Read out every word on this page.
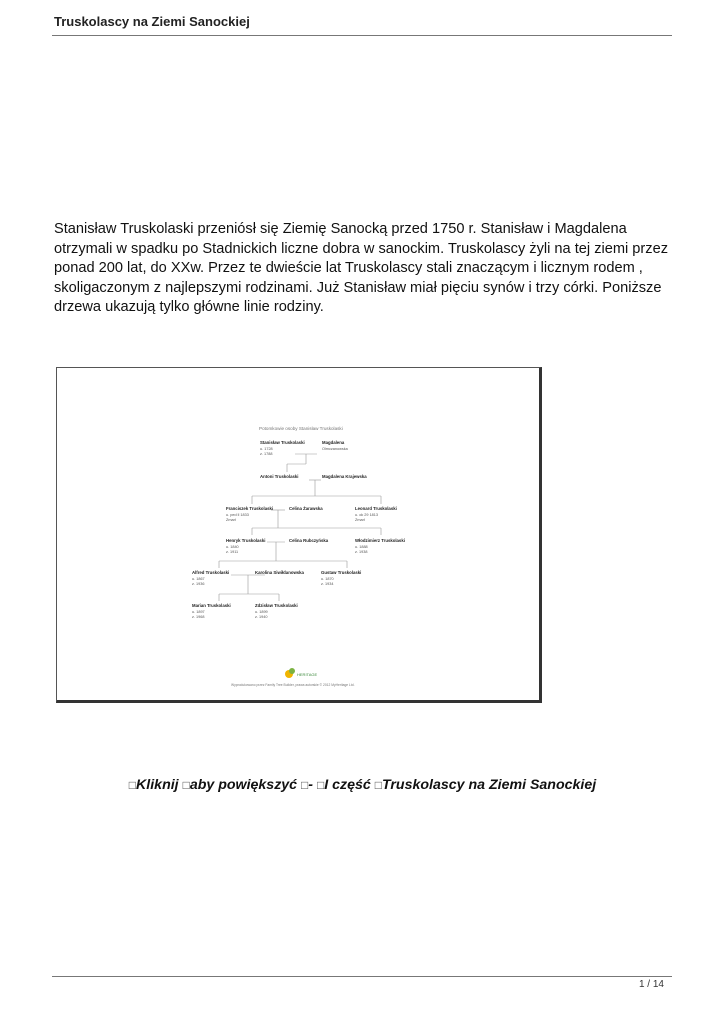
Truskolascy na Ziemi Sanockiej
Stanisław Truskolaski przeniósł się Ziemię Sanocką przed 1750 r. Stanisław i Magdalena
otrzymali w spadku po Stadnickich liczne dobra w sanockim. Truskolascy żyli na tej ziemi przez
ponad 200 lat, do XXw. Przez te dwieście lat Truskolascy stali znaczącym i licznym rodem ,
skoligaczonym z najlepszymi rodzinami. Już Stanisław miał pięciu synów i trzy córki. Poniższe
drzewa ukazują tylko główne linie rodziny.
Potomkowie osoby Stanisław Truskolaski
Stanisław Truskolaski
u. 1728
z. 1788
Magdalena
Olmczanowska
Antoni Truskolaski	Magdalena Krajewska
Franciszek Truskolaski
u. ped ll 1833
Zmarł
Celina Żarawska	Leonard Truskolaski
u. ok 29 1813
Zmarł
Henryk Truskolaski
u. 1840
z. 1911
Celina Rubczyńska	Włodzimierz Truskolaski
u. 1888
z. 1938
Alfred Truskolaski
u. 1867
z. 1936
Karolina Siwiłdanowska	Gustaw Truskolaski
u. 1870
z. 1934
Marian Truskolaski
u. 1897
z. 1968
Zdzisław Truskolaski
u. 1899
z. 1940
HERITAGE
Wyprodukowano przez Family Tree Builder, prawa autorskie © 2012 MyHeritage Ltd.
□Kliknij □aby powiększyć □- □I część □Truskolascy na Ziemi Sanockiej
1 / 14
